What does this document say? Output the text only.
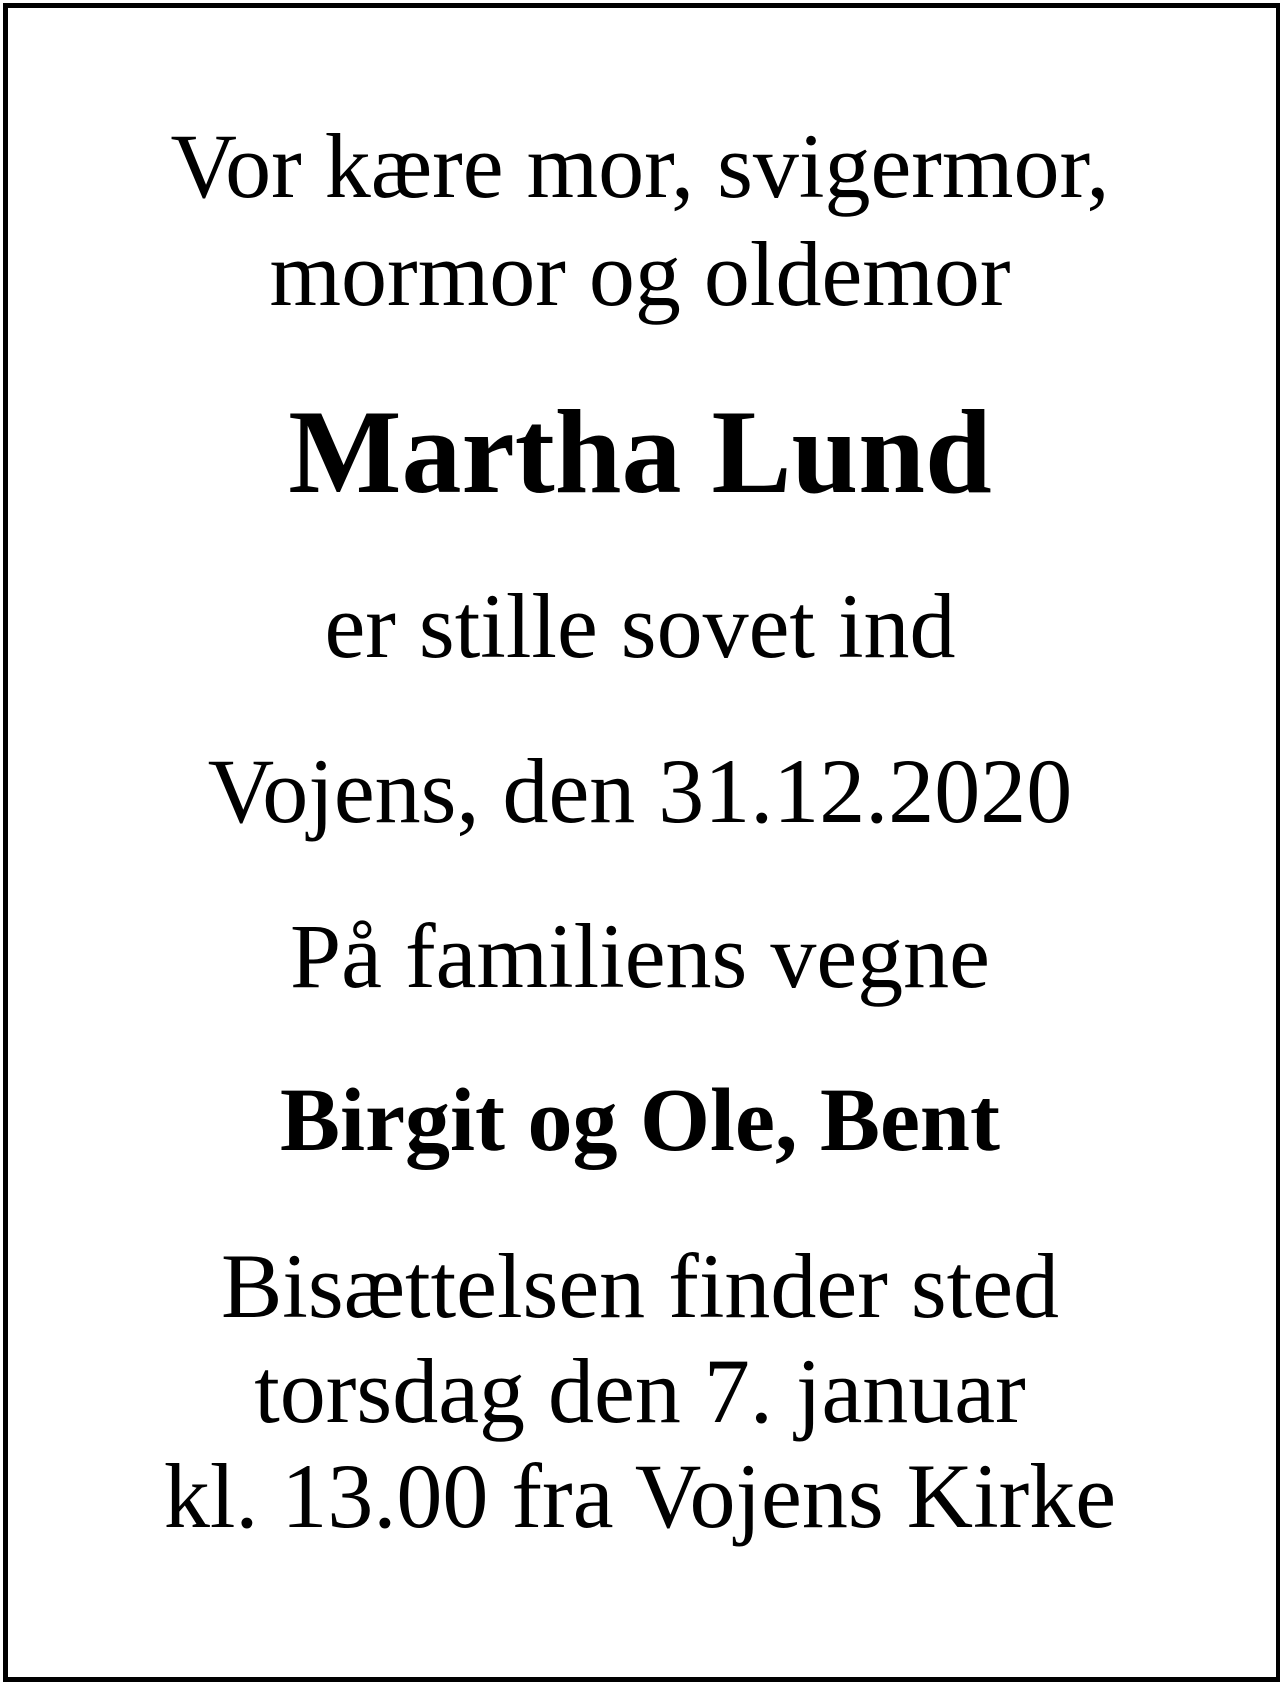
Vor kære mor, svigermor,
mormor og oldemor
Martha Lund
er stille sovet ind
Vojens, den 31.12.2020
På familiens vegne
Birgit og Ole, Bent
Bisættelsen finder sted
torsdag den 7. januar
kl. 13.00 fra Vojens Kirke
